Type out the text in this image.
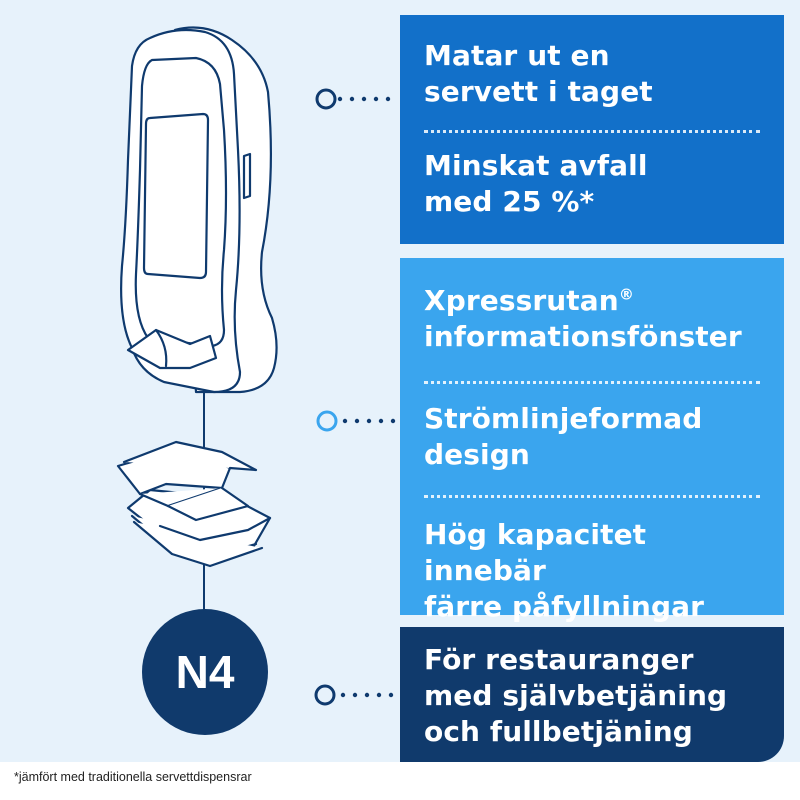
N4
Matar ut en
servett i taget
Minskat avfall
med 25 %*
Xpressrutan®
informationsfönster
Strömlinjeformad
design
Hög kapacitet innebär
färre påfyllningar
För restauranger
med självbetjäning
och fullbetjäning
*jämfört med traditionella servettdispensrar
